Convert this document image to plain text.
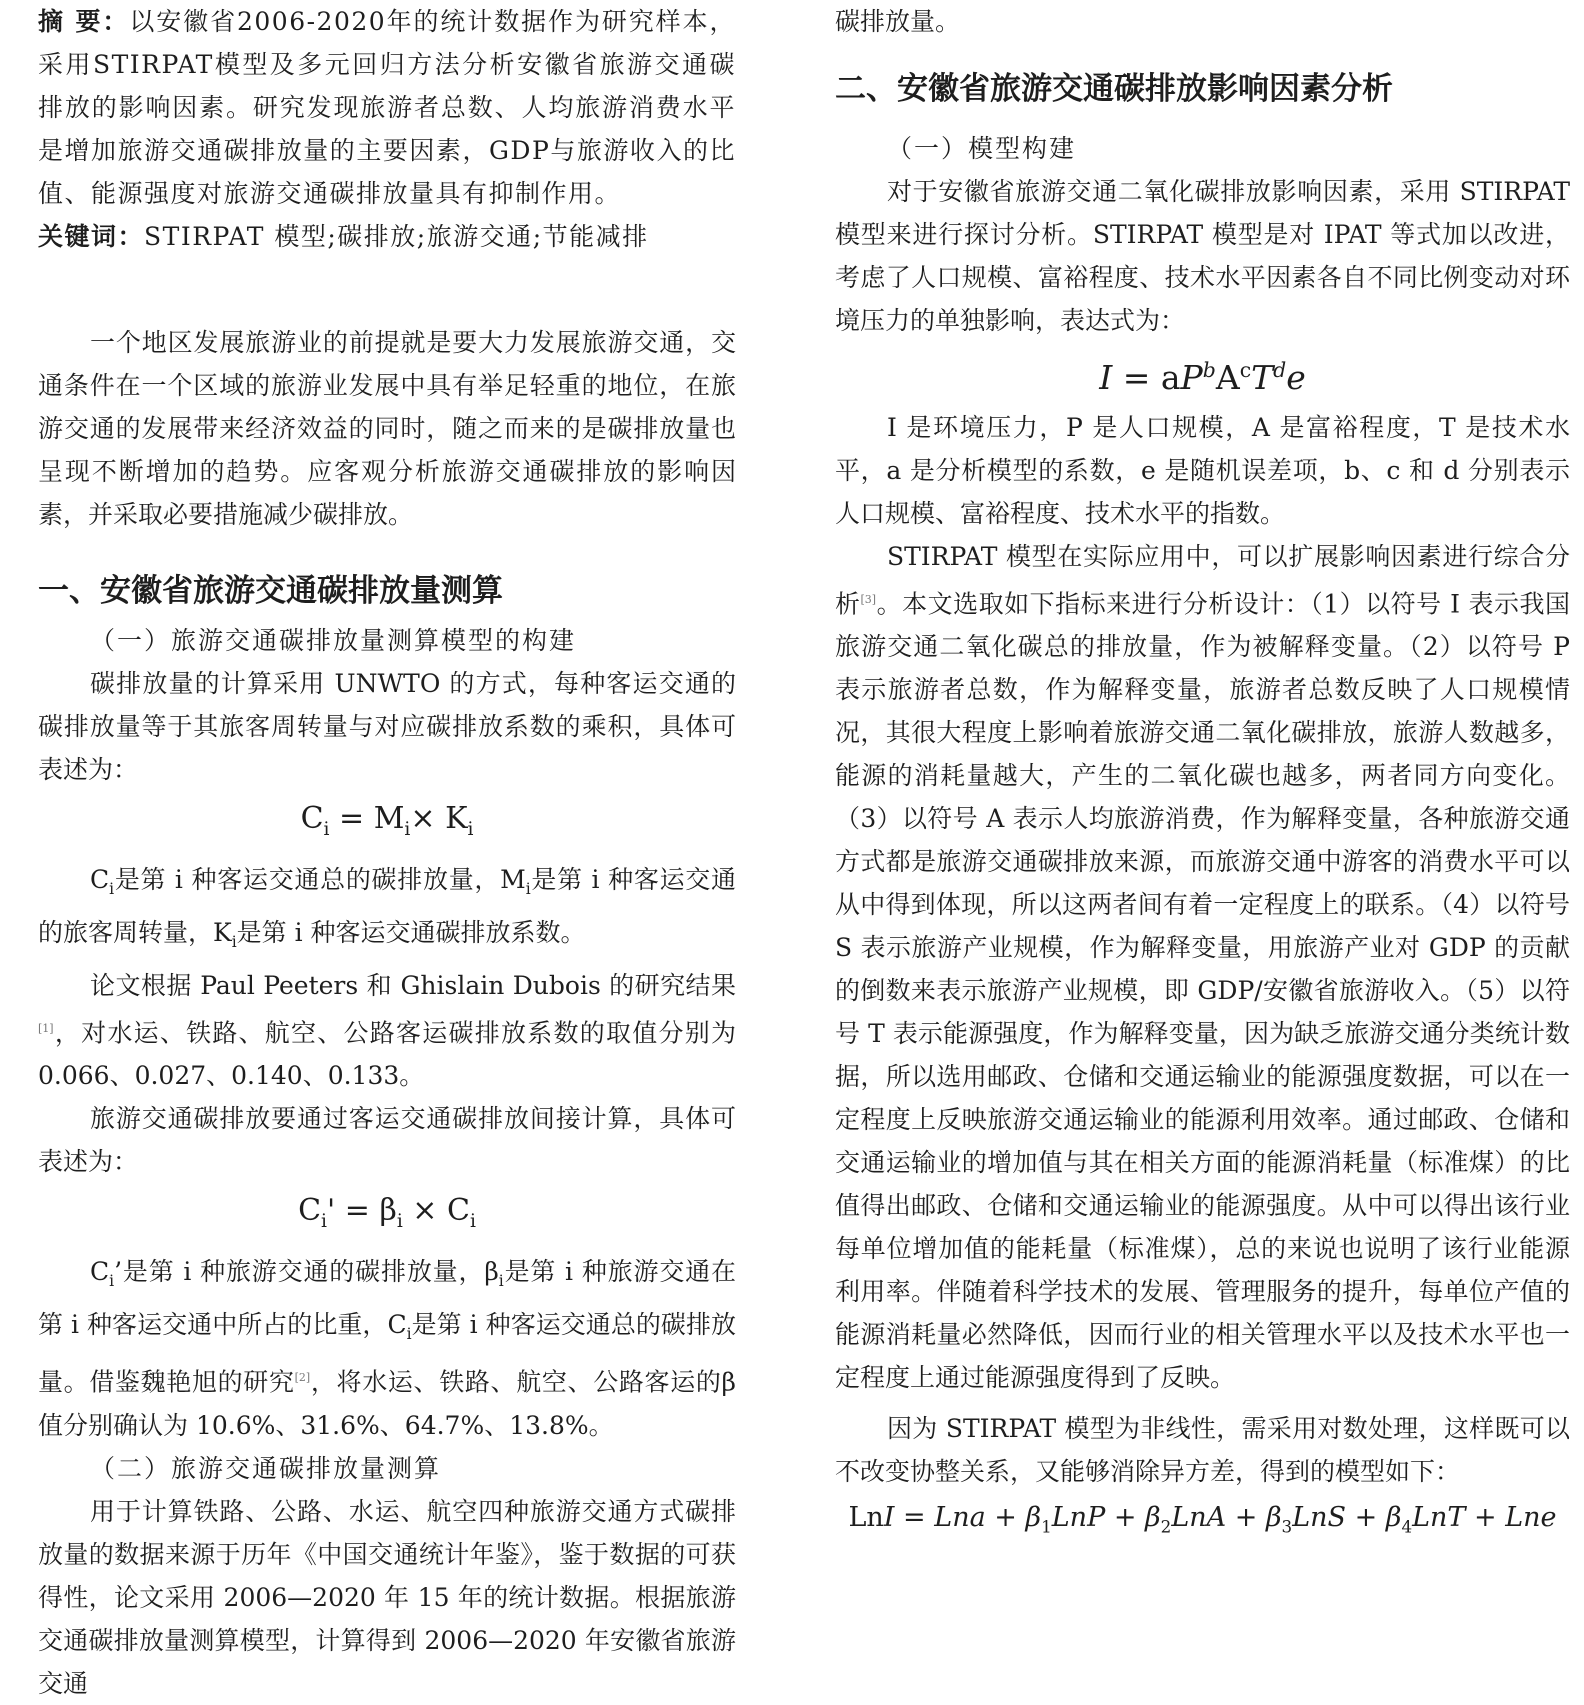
摘 要：以安徽省2006-2020年的统计数据作为研究样本，采用STIRPAT模型及多元回归方法分析安徽省旅游交通碳排放的影响因素。研究发现旅游者总数、人均旅游消费水平是增加旅游交通碳排放量的主要因素，GDP与旅游收入的比值、能源强度对旅游交通碳排放量具有抑制作用。

关键词：STIRPAT 模型;碳排放;旅游交通;节能减排

一个地区发展旅游业的前提就是要大力发展旅游交通，交通条件在一个区域的旅游业发展中具有举足轻重的地位，在旅游交通的发展带来经济效益的同时，随之而来的是碳排放量也呈现不断增加的趋势。应客观分析旅游交通碳排放的影响因素，并采取必要措施减少碳排放。

一、安徽省旅游交通碳排放量测算

（一）旅游交通碳排放量测算模型的构建

碳排放量的计算采用 UNWTO 的方式，每种客运交通的碳排放量等于其旅客周转量与对应碳排放系数的乘积，具体可表述为：

$C_i = M_i\times K_i$

$C_i$是第 i 种客运交通总的碳排放量，$M_i$是第 i 种客运交通的旅客周转量，$K_i$是第 i 种客运交通碳排放系数。

论文根据 Paul Peeters 和 Ghislain Dubois 的研究结果[1]，对水运、铁路、航空、公路客运碳排放系数的取值分别为 0.066、0.027、0.140、0.133。

旅游交通碳排放要通过客运交通碳排放间接计算，具体可表述为：

$C_i' = \beta_i \times C_i$

$C_i$’是第 i 种旅游交通的碳排放量，$\beta_i$是第 i 种旅游交通在第 i 种客运交通中所占的比重，$C_i$是第 i 种客运交通总的碳排放量。借鉴魏艳旭的研究[2]，将水运、铁路、航空、公路客运的β值分别确认为 10.6%、31.6%、64.7%、13.8%。

（二）旅游交通碳排放量测算

用于计算铁路、公路、水运、航空四种旅游交通方式碳排放量的数据来源于历年《中国交通统计年鉴》，鉴于数据的可获得性，论文采用 2006—2020 年 15 年的统计数据。根据旅游交通碳排放量测算模型，计算得到 2006—2020 年安徽省旅游交通

碳排放量。

二、安徽省旅游交通碳排放影响因素分析

（一）模型构建

对于安徽省旅游交通二氧化碳排放影响因素，采用 STIRPAT 模型来进行探讨分析。STIRPAT 模型是对 IPAT 等式加以改进，考虑了人口规模、富裕程度、技术水平因素各自不同比例变动对环境压力的单独影响，表达式为：

$I = aP^bA^cT^de$

I 是环境压力，P 是人口规模，A 是富裕程度，T 是技术水平，a 是分析模型的系数，e 是随机误差项，b、c 和 d 分别表示人口规模、富裕程度、技术水平的指数。

STIRPAT 模型在实际应用中，可以扩展影响因素进行综合分析[3]。本文选取如下指标来进行分析设计：（1）以符号 I 表示我国旅游交通二氧化碳总的排放量，作为被解释变量。（2）以符号 P 表示旅游者总数，作为解释变量，旅游者总数反映了人口规模情况，其很大程度上影响着旅游交通二氧化碳排放，旅游人数越多，能源的消耗量越大，产生的二氧化碳也越多，两者同方向变化。（3）以符号 A 表示人均旅游消费，作为解释变量，各种旅游交通方式都是旅游交通碳排放来源，而旅游交通中游客的消费水平可以从中得到体现，所以这两者间有着一定程度上的联系。（4）以符号 S 表示旅游产业规模，作为解释变量，用旅游产业对 GDP 的贡献的倒数来表示旅游产业规模，即 GDP/安徽省旅游收入。（5）以符号 T 表示能源强度，作为解释变量，因为缺乏旅游交通分类统计数据，所以选用邮政、仓储和交通运输业的能源强度数据，可以在一定程度上反映旅游交通运输业的能源利用效率。通过邮政、仓储和交通运输业的增加值与其在相关方面的能源消耗量（标准煤）的比值得出邮政、仓储和交通运输业的能源强度。从中可以得出该行业每单位增加值的能耗量（标准煤），总的来说也说明了该行业能源利用率。伴随着科学技术的发展、管理服务的提升，每单位产值的能源消耗量必然降低，因而行业的相关管理水平以及技术水平也一定程度上通过能源强度得到了反映。

因为 STIRPAT 模型为非线性，需采用对数处理，这样既可以不改变协整关系，又能够消除异方差，得到的模型如下：

LnI = Lna + $\beta_1LnP + \beta_2LnA + \beta_3LnS + \beta_4LnT$ + Lne
